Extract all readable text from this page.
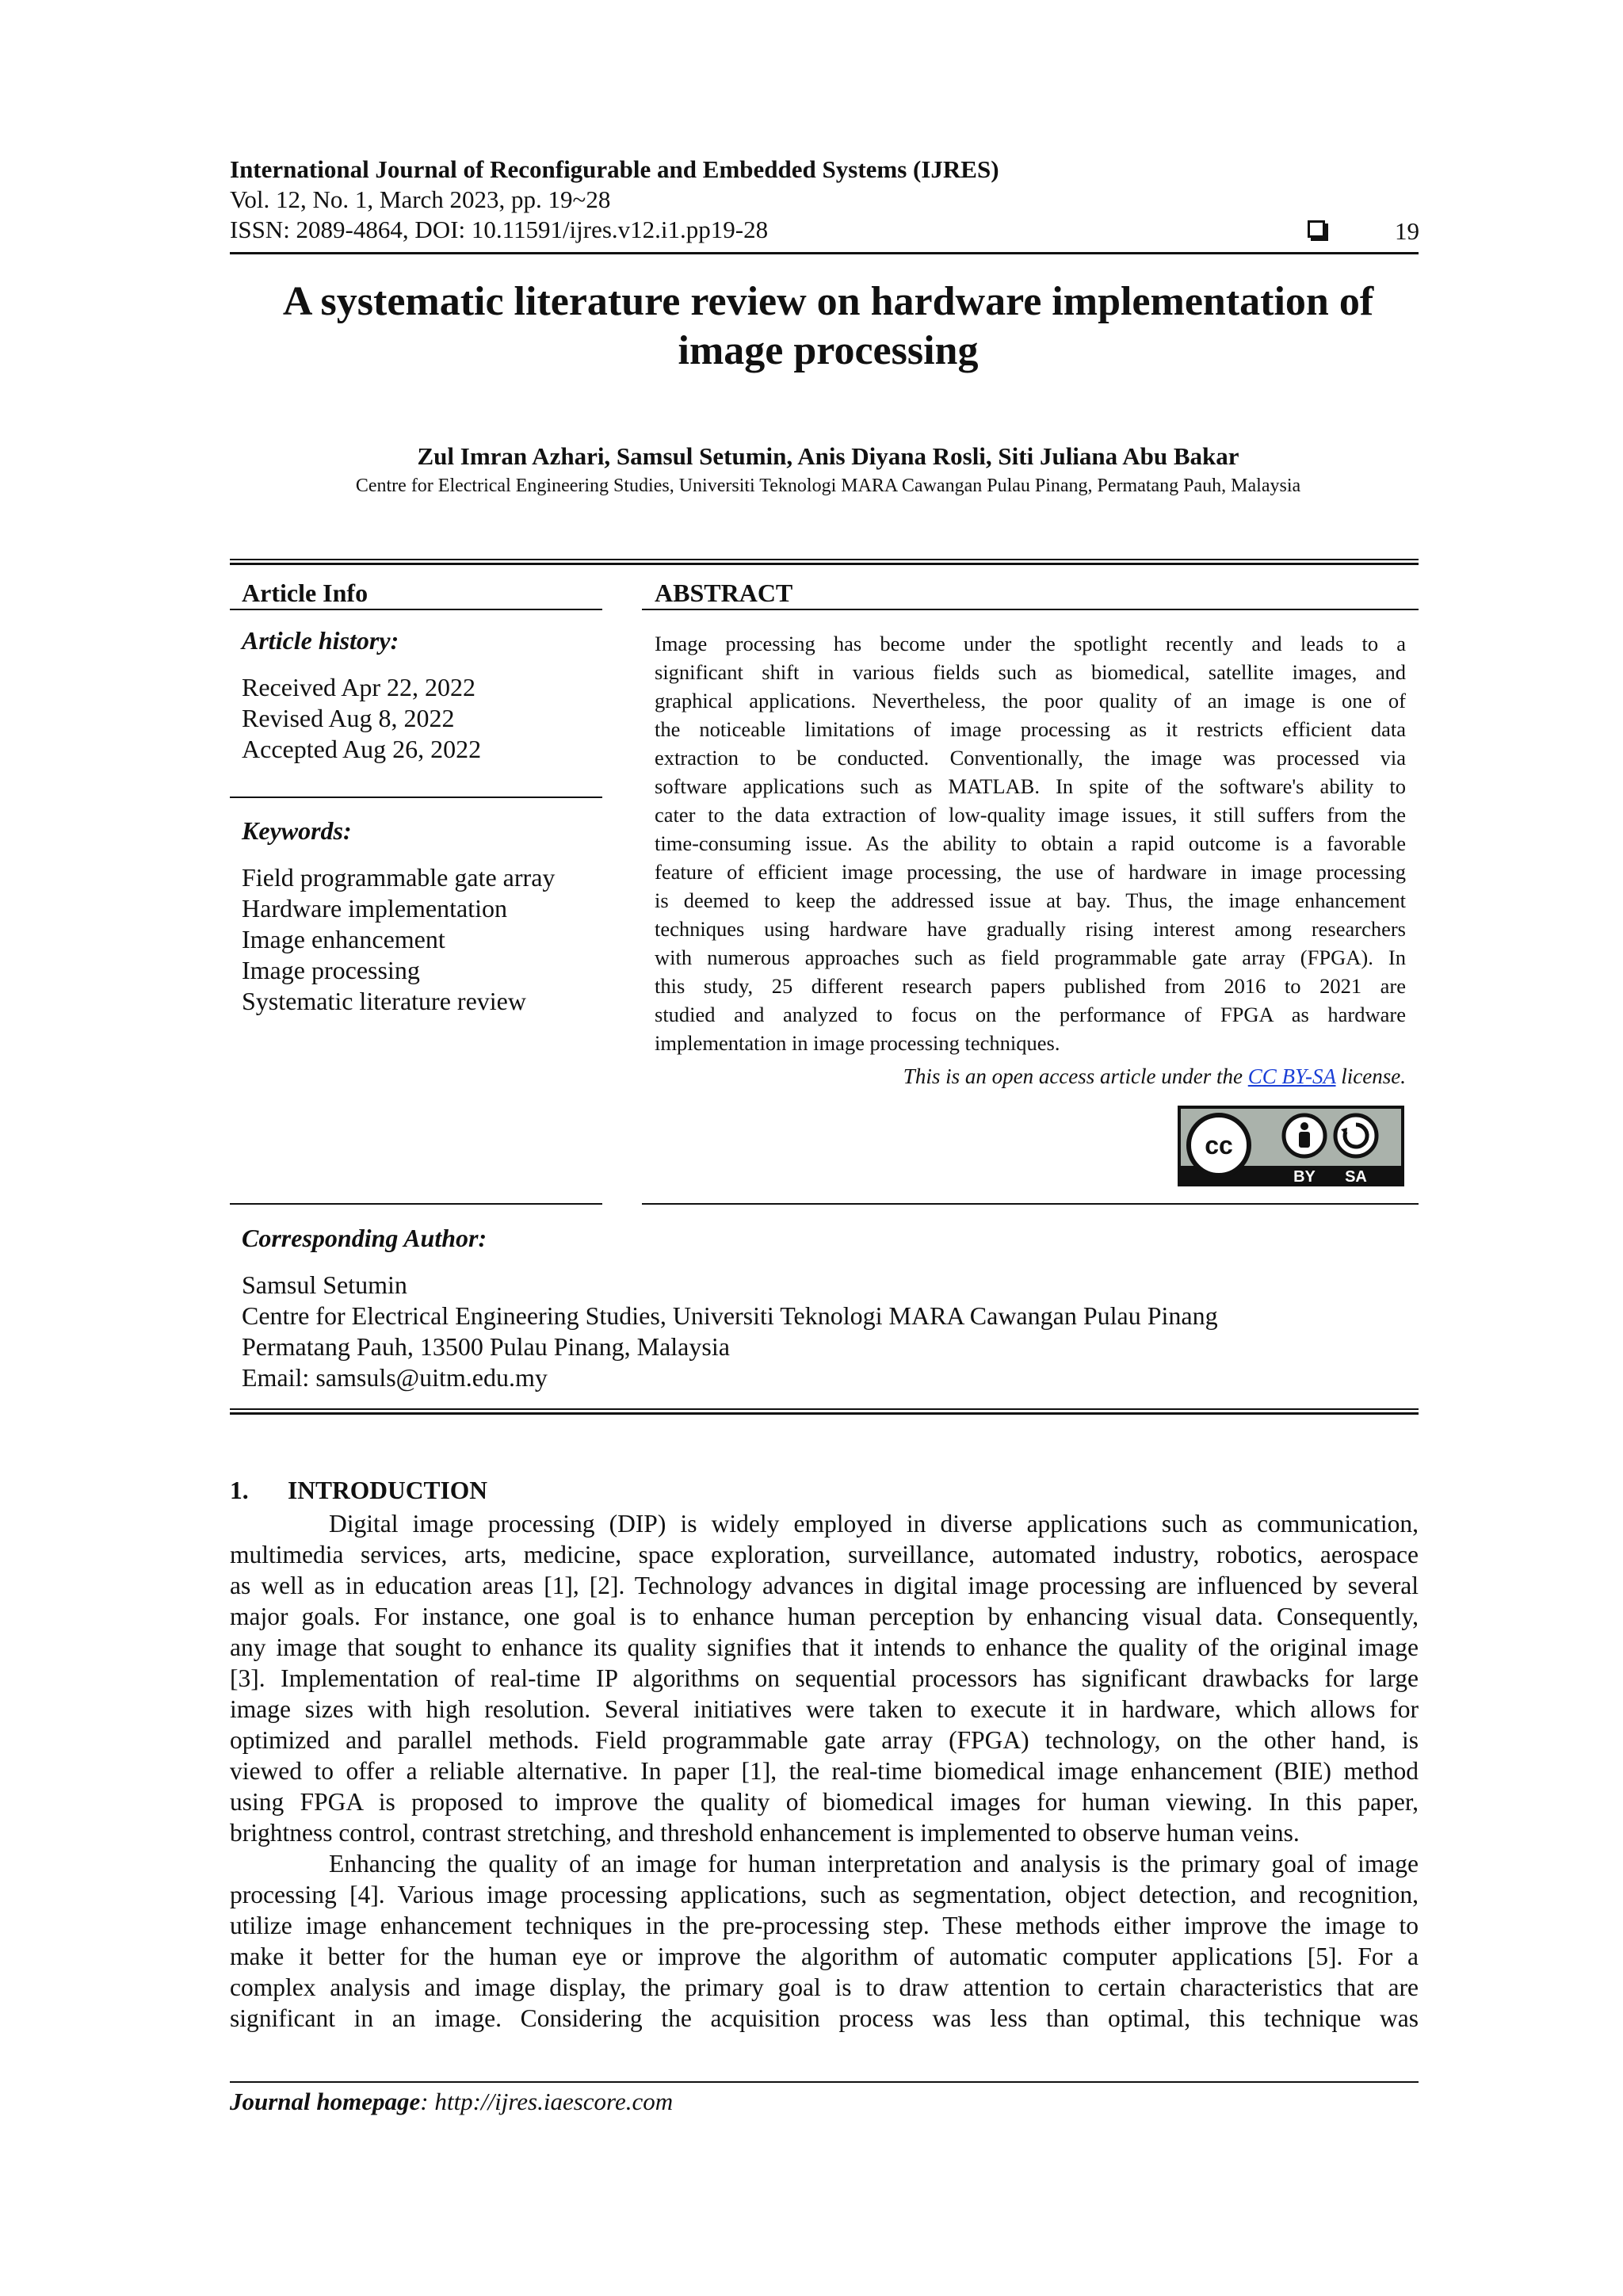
International Journal of Reconfigurable and Embedded Systems (IJRES)
Vol. 12, No. 1, March 2023, pp. 19~28
ISSN: 2089-4864, DOI: 10.11591/ijres.v12.i1.pp19-28	19
A systematic literature review on hardware implementation of
image processing
Zul Imran Azhari, Samsul Setumin, Anis Diyana Rosli, Siti Juliana Abu Bakar
Centre for Electrical Engineering Studies, Universiti Teknologi MARA Cawangan Pulau Pinang, Permatang Pauh, Malaysia
Article Info
Article history:
Received Apr 22, 2022
Revised Aug 8, 2022
Accepted Aug 26, 2022
Keywords:
Field programmable gate array
Hardware implementation
Image enhancement
Image processing
Systematic literature review
ABSTRACT
Image processing has become under the spotlight recently and leads to a
significant shift in various fields such as biomedical, satellite images, and
graphical applications. Nevertheless, the poor quality of an image is one of
the noticeable limitations of image processing as it restricts efficient data
extraction to be conducted. Conventionally, the image was processed via
software applications such as MATLAB. In spite of the software's ability to
cater to the data extraction of low-quality image issues, it still suffers from the
time-consuming issue. As the ability to obtain a rapid outcome is a favorable
feature of efficient image processing, the use of hardware in image processing
is deemed to keep the addressed issue at bay. Thus, the image enhancement
techniques using hardware have gradually rising interest among researchers
with numerous approaches such as field programmable gate array (FPGA). In
this study, 25 different research papers published from 2016 to 2021 are
studied and analyzed to focus on the performance of FPGA as hardware
implementation in image processing techniques.
This is an open access article under the CC BY-SA license.
cc
BY SA
Corresponding Author:
Samsul Setumin
Centre for Electrical Engineering Studies, Universiti Teknologi MARA Cawangan Pulau Pinang
Permatang Pauh, 13500 Pulau Pinang, Malaysia
Email: samsuls@uitm.edu.my
1. INTRODUCTION
Digital image processing (DIP) is widely employed in diverse applications such as communication,
multimedia services, arts, medicine, space exploration, surveillance, automated industry, robotics, aerospace
as well as in education areas [1], [2]. Technology advances in digital image processing are influenced by several
major goals. For instance, one goal is to enhance human perception by enhancing visual data. Consequently,
any image that sought to enhance its quality signifies that it intends to enhance the quality of the original image
[3]. Implementation of real-time IP algorithms on sequential processors has significant drawbacks for large
image sizes with high resolution. Several initiatives were taken to execute it in hardware, which allows for
optimized and parallel methods. Field programmable gate array (FPGA) technology, on the other hand, is
viewed to offer a reliable alternative. In paper [1], the real-time biomedical image enhancement (BIE) method
using FPGA is proposed to improve the quality of biomedical images for human viewing. In this paper,
brightness control, contrast stretching, and threshold enhancement is implemented to observe human veins.
Enhancing the quality of an image for human interpretation and analysis is the primary goal of image
processing [4]. Various image processing applications, such as segmentation, object detection, and recognition,
utilize image enhancement techniques in the pre-processing step. These methods either improve the image to
make it better for the human eye or improve the algorithm of automatic computer applications [5]. For a
complex analysis and image display, the primary goal is to draw attention to certain characteristics that are
significant in an image. Considering the acquisition process was less than optimal, this technique was
Journal homepage: http://ijres.iaescore.com
